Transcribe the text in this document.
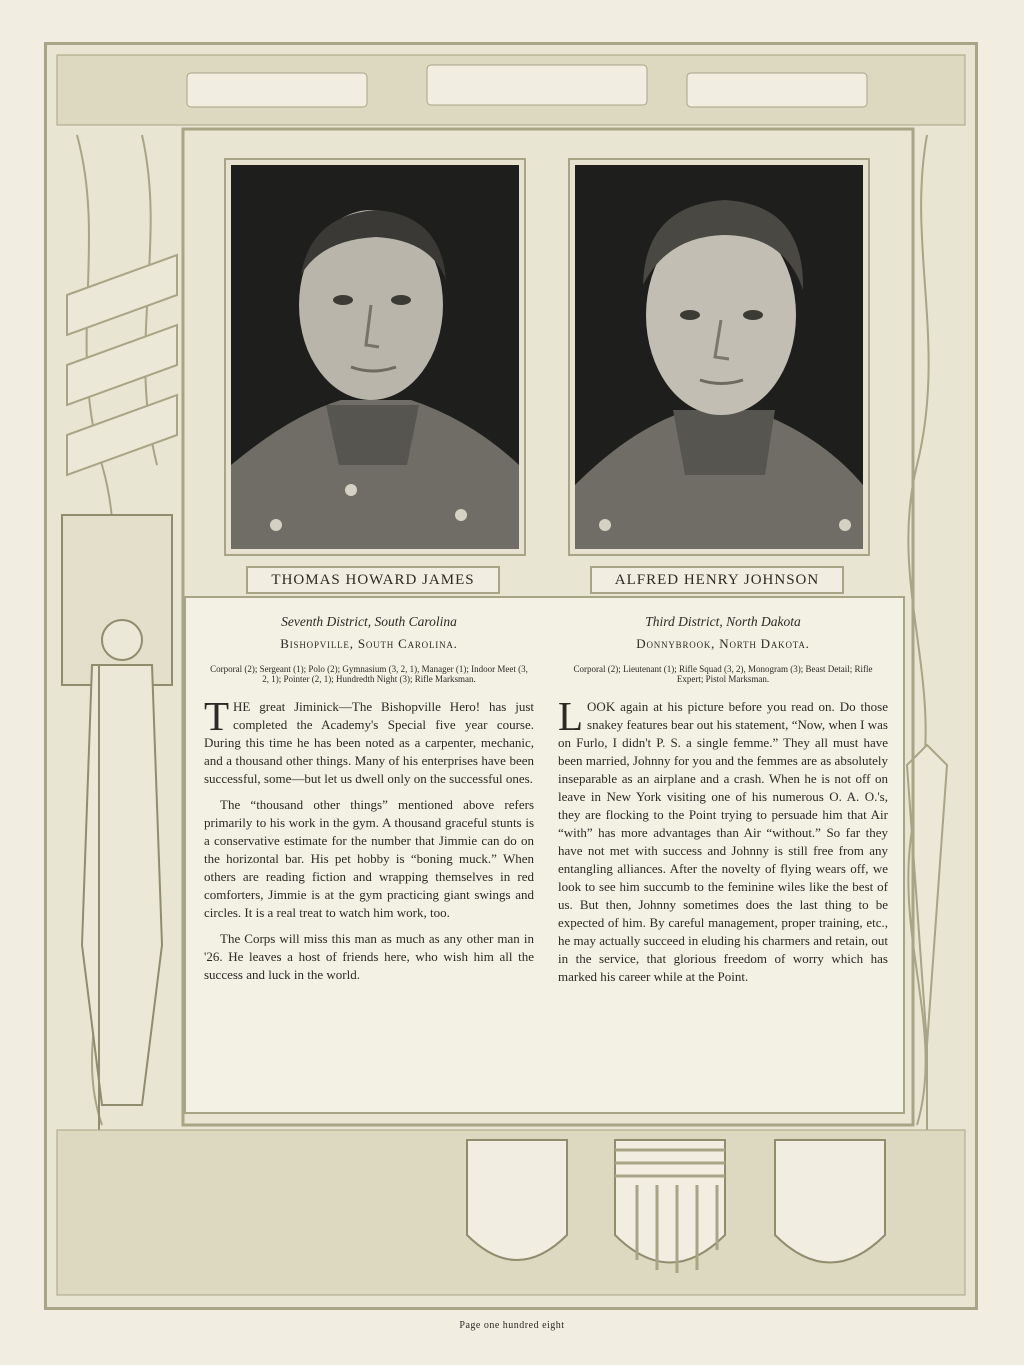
THOMAS HOWARD JAMES	ALFRED HENRY JOHNSON

Seventh District, South Carolina

Bishopville, South Carolina.

Corporal (2); Sergeant (1); Polo (2); Gymnasium (3, 2, 1), Manager (1); Indoor Meet (3, 2, 1); Pointer (2, 1); Hundredth Night (3); Rifle Marksman.

THE great Jiminick—The Bishopville Hero! has just completed the Academy's Special five year course. During this time he has been noted as a carpenter, mechanic, and a thousand other things. Many of his enterprises have been successful, some—but let us dwell only on the successful ones.

The “thousand other things” mentioned above refers primarily to his work in the gym. A thousand graceful stunts is a conservative estimate for the number that Jimmie can do on the horizontal bar. His pet hobby is “boning muck.” When others are reading fiction and wrapping themselves in red comforters, Jimmie is at the gym practicing giant swings and circles. It is a real treat to watch him work, too.

The Corps will miss this man as much as any other man in '26. He leaves a host of friends here, who wish him all the success and luck in the world.

Third District, North Dakota

Donnybrook, North Dakota.

Corporal (2); Lieutenant (1); Rifle Squad (3, 2), Monogram (3); Beast Detail; Rifle Expert; Pistol Marksman.

LOOK again at his picture before you read on. Do those snakey features bear out his statement, “Now, when I was on Furlo, I didn't P. S. a single femme.” They all must have been married, Johnny for you and the femmes are as absolutely inseparable as an airplane and a crash. When he is not off on leave in New York visiting one of his numerous O. A. O.'s, they are flocking to the Point trying to persuade him that Air “with” has more advantages than Air “without.” So far they have not met with success and Johnny is still free from any entangling alliances. After the novelty of flying wears off, we look to see him succumb to the feminine wiles like the best of us. But then, Johnny sometimes does the last thing to be expected of him. By careful management, proper training, etc., he may actually succeed in eluding his charmers and retain, out in the service, that glorious freedom of worry which has marked his career while at the Point.

Page one hundred eight
